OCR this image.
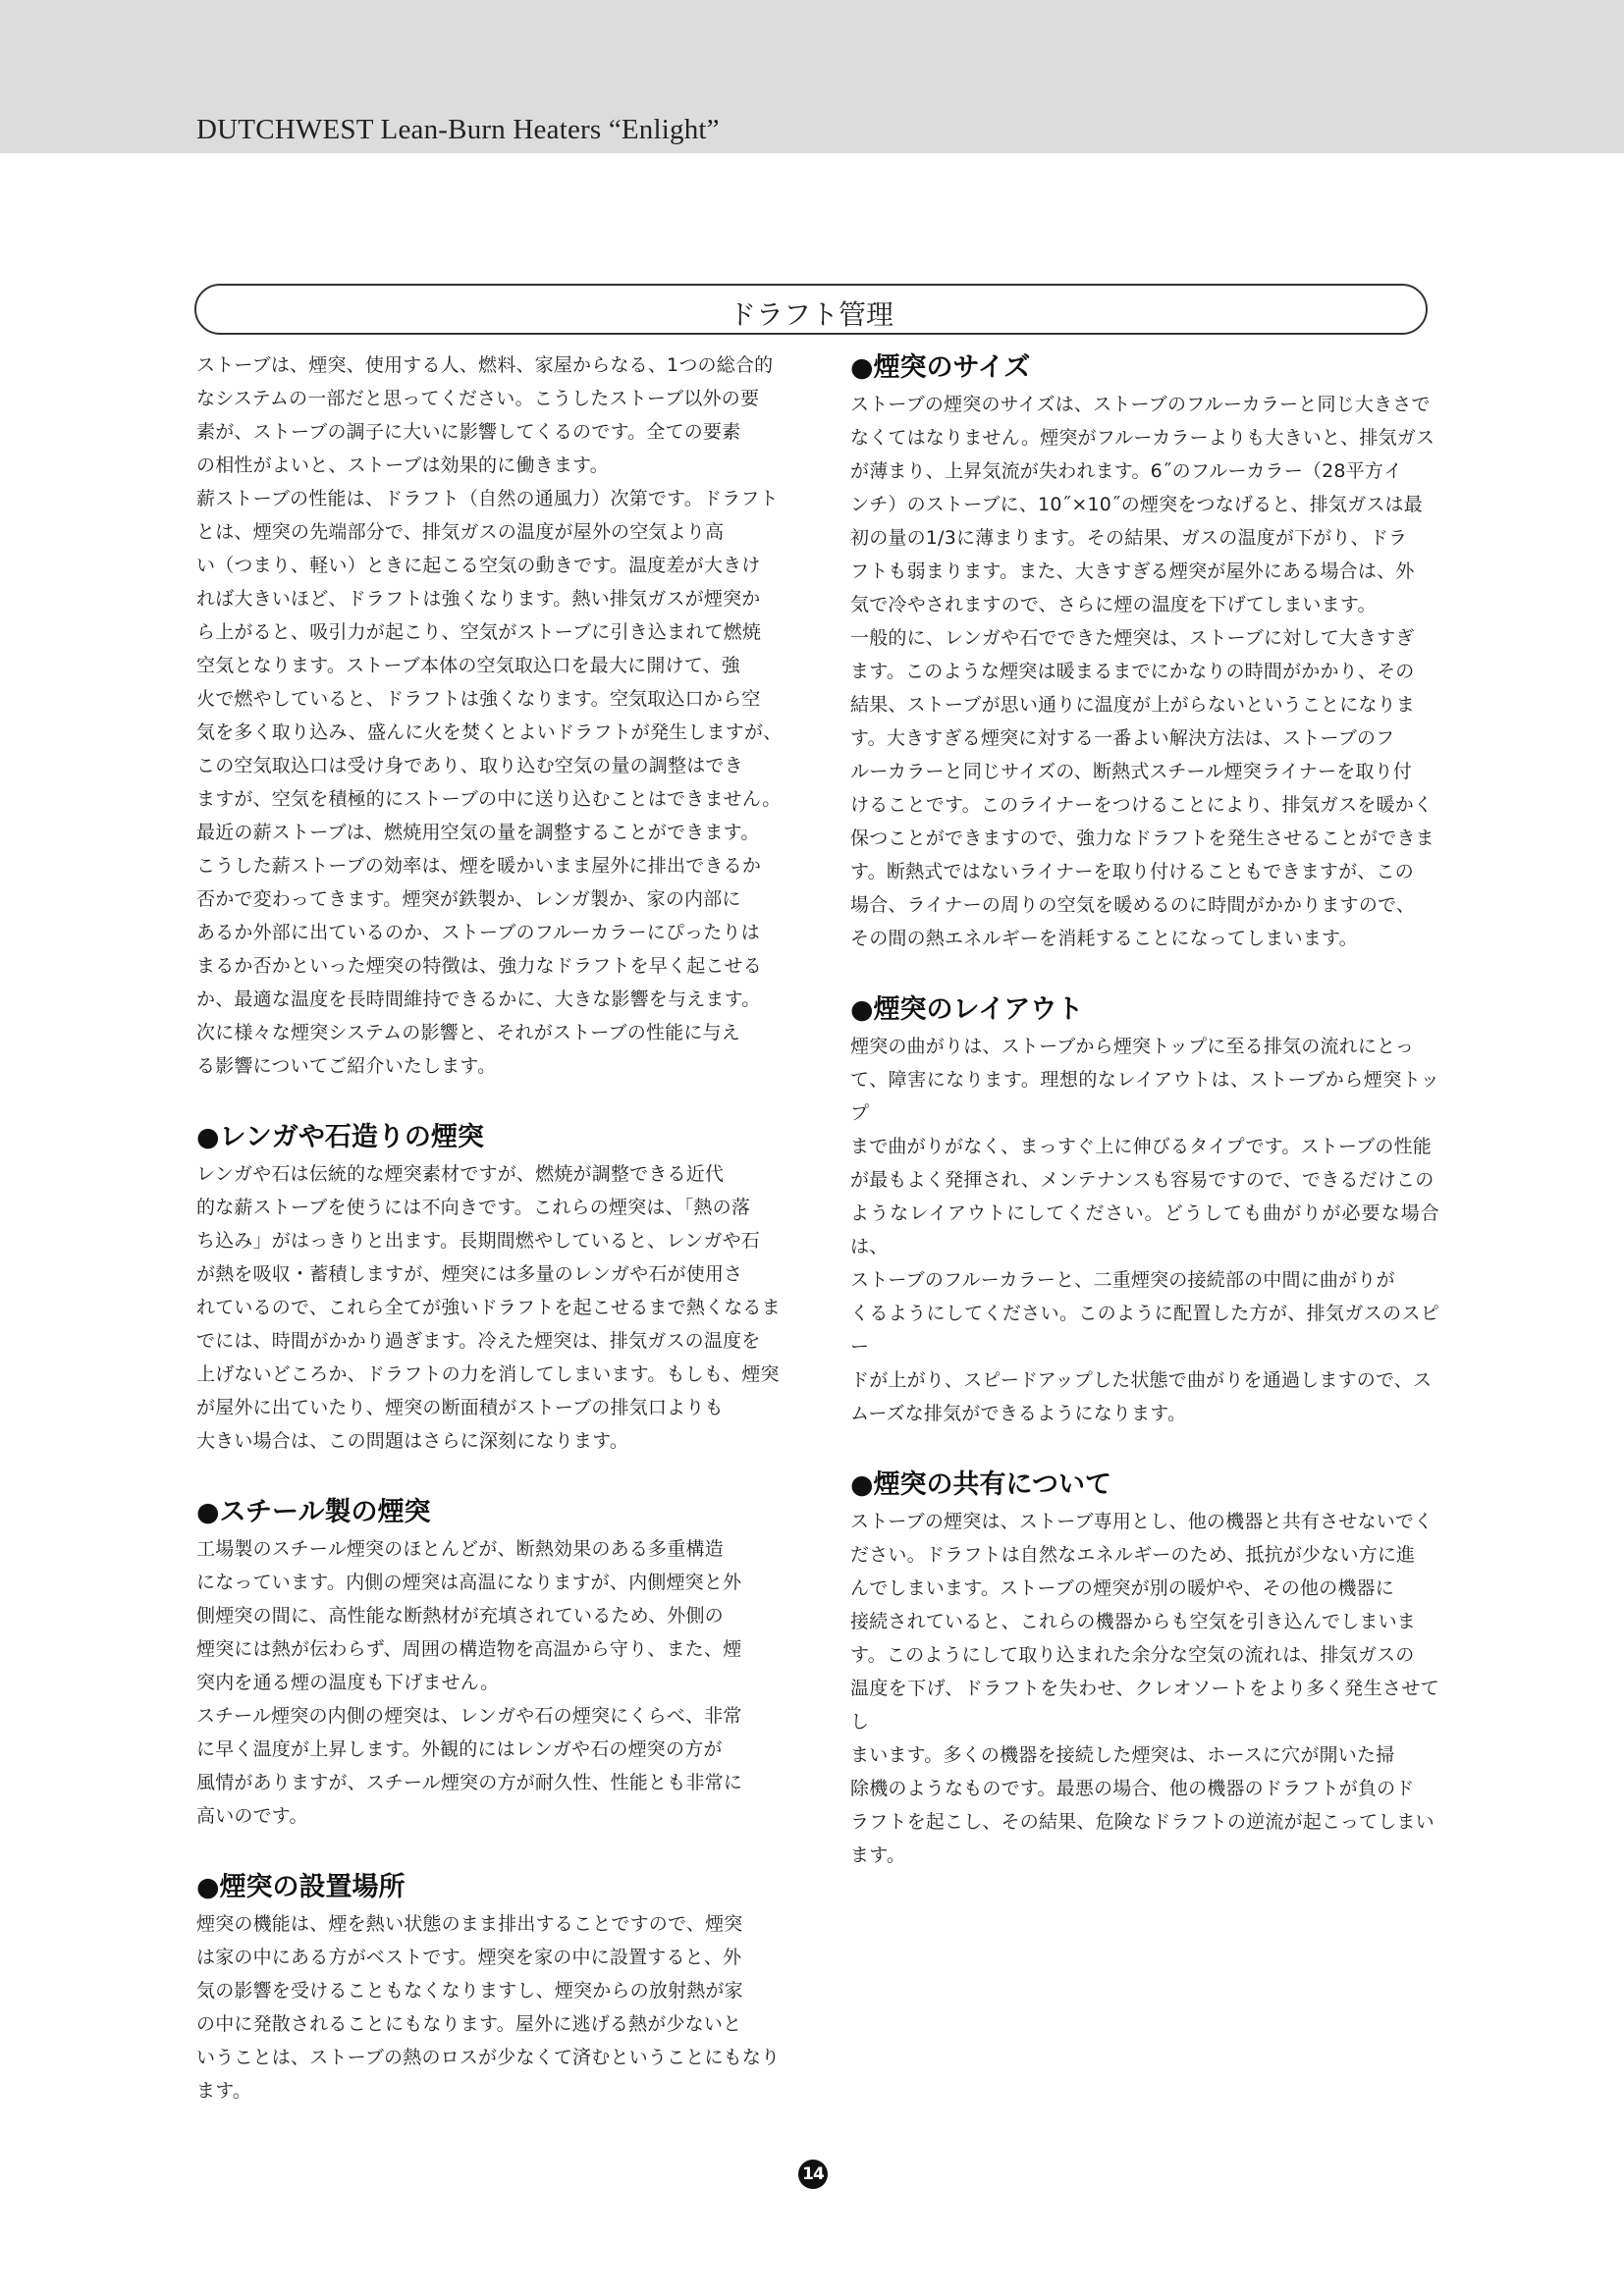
DUTCHWEST Lean-Burn Heaters “Enlight”
ドラフト管理

ストーブは、煙突、使用する人、燃料、家屋からなる、1つの総合的
なシステムの一部だと思ってください。こうしたストーブ以外の要
素が、ストーブの調子に大いに影響してくるのです。全ての要素
の相性がよいと、ストーブは効果的に働きます。
薪ストーブの性能は、ドラフト（自然の通風力）次第です。ドラフト
とは、煙突の先端部分で、排気ガスの温度が屋外の空気より高
い（つまり、軽い）ときに起こる空気の動きです。温度差が大きけ
れば大きいほど、ドラフトは強くなります。熱い排気ガスが煙突か
ら上がると、吸引力が起こり、空気がストーブに引き込まれて燃焼
空気となります。ストーブ本体の空気取込口を最大に開けて、強
火で燃やしていると、ドラフトは強くなります。空気取込口から空
気を多く取り込み、盛んに火を焚くとよいドラフトが発生しますが、
この空気取込口は受け身であり、取り込む空気の量の調整はでき
ますが、空気を積極的にストーブの中に送り込むことはできません。
最近の薪ストーブは、燃焼用空気の量を調整することができます。
こうした薪ストーブの効率は、煙を暖かいまま屋外に排出できるか
否かで変わってきます。煙突が鉄製か、レンガ製か、家の内部に
あるか外部に出ているのか、ストーブのフルーカラーにぴったりは
まるか否かといった煙突の特徴は、強力なドラフトを早く起こせる
か、最適な温度を長時間維持できるかに、大きな影響を与えます。
次に様々な煙突システムの影響と、それがストーブの性能に与え
る影響についてご紹介いたします。

●レンガや石造りの煙突

レンガや石は伝統的な煙突素材ですが、燃焼が調整できる近代
的な薪ストーブを使うには不向きです。これらの煙突は、「熱の落
ち込み」がはっきりと出ます。長期間燃やしていると、レンガや石
が熱を吸収・蓄積しますが、煙突には多量のレンガや石が使用さ
れているので、これら全てが強いドラフトを起こせるまで熱くなるま
でには、時間がかかり過ぎます。冷えた煙突は、排気ガスの温度を
上げないどころか、ドラフトの力を消してしまいます。もしも、煙突
が屋外に出ていたり、煙突の断面積がストーブの排気口よりも
大きい場合は、この問題はさらに深刻になります。

●スチール製の煙突

工場製のスチール煙突のほとんどが、断熱効果のある多重構造
になっています。内側の煙突は高温になりますが、内側煙突と外
側煙突の間に、高性能な断熱材が充填されているため、外側の
煙突には熱が伝わらず、周囲の構造物を高温から守り、また、煙
突内を通る煙の温度も下げません。
スチール煙突の内側の煙突は、レンガや石の煙突にくらべ、非常
に早く温度が上昇します。外観的にはレンガや石の煙突の方が
風情がありますが、スチール煙突の方が耐久性、性能とも非常に
高いのです。

●煙突の設置場所

煙突の機能は、煙を熱い状態のまま排出することですので、煙突
は家の中にある方がベストです。煙突を家の中に設置すると、外
気の影響を受けることもなくなりますし、煙突からの放射熱が家
の中に発散されることにもなります。屋外に逃げる熱が少ないと
いうことは、ストーブの熱のロスが少なくて済むということにもなり
ます。

●煙突のサイズ

ストーブの煙突のサイズは、ストーブのフルーカラーと同じ大きさで
なくてはなりません。煙突がフルーカラーよりも大きいと、排気ガス
が薄まり、上昇気流が失われます。6˝のフルーカラー（28平方イ
ンチ）のストーブに、10˝×10˝の煙突をつなげると、排気ガスは最
初の量の1/3に薄まります。その結果、ガスの温度が下がり、ドラ
フトも弱まります。また、大きすぎる煙突が屋外にある場合は、外
気で冷やされますので、さらに煙の温度を下げてしまいます。
一般的に、レンガや石でできた煙突は、ストーブに対して大きすぎ
ます。このような煙突は暖まるまでにかなりの時間がかかり、その
結果、ストーブが思い通りに温度が上がらないということになりま
す。大きすぎる煙突に対する一番よい解決方法は、ストーブのフ
ルーカラーと同じサイズの、断熱式スチール煙突ライナーを取り付
けることです。このライナーをつけることにより、排気ガスを暖かく
保つことができますので、強力なドラフトを発生させることができま
す。断熱式ではないライナーを取り付けることもできますが、この
場合、ライナーの周りの空気を暖めるのに時間がかかりますので、
その間の熱エネルギーを消耗することになってしまいます。

●煙突のレイアウト

煙突の曲がりは、ストーブから煙突トップに至る排気の流れにとっ
て、障害になります。理想的なレイアウトは、ストーブから煙突トップ
まで曲がりがなく、まっすぐ上に伸びるタイプです。ストーブの性能
が最もよく発揮され、メンテナンスも容易ですので、できるだけこの
ようなレイアウトにしてください。どうしても曲がりが必要な場合は、
ストーブのフルーカラーと、二重煙突の接続部の中間に曲がりが
くるようにしてください。このように配置した方が、排気ガスのスピー
ドが上がり、スピードアップした状態で曲がりを通過しますので、ス
ムーズな排気ができるようになります。

●煙突の共有について

ストーブの煙突は、ストーブ専用とし、他の機器と共有させないでく
ださい。ドラフトは自然なエネルギーのため、抵抗が少ない方に進
んでしまいます。ストーブの煙突が別の暖炉や、その他の機器に
接続されていると、これらの機器からも空気を引き込んでしまいま
す。このようにして取り込まれた余分な空気の流れは、排気ガスの
温度を下げ、ドラフトを失わせ、クレオソートをより多く発生させてし
まいます。多くの機器を接続した煙突は、ホースに穴が開いた掃
除機のようなものです。最悪の場合、他の機器のドラフトが負のド
ラフトを起こし、その結果、危険なドラフトの逆流が起こってしまい
ます。

14
